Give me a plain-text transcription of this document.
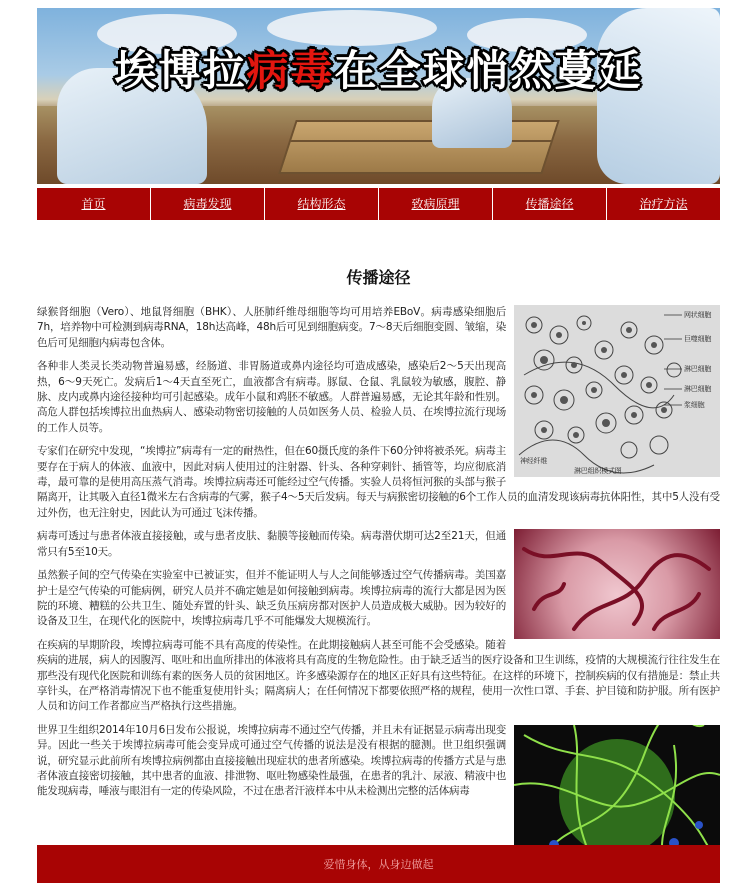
埃博拉病毒在全球悄然蔓延
首页	病毒发现	结构形态	致病原理	传播途径	治疗方法
传播途径
网状细胞
巨噬细胞
淋巴细胞
淋巴细胞
浆细胞
神经纤维
淋巴组织模式图

绿猴肾细胞（Vero）、地鼠肾细胞（BHK）、人胚肺纤维母细胞等均可用培养EBoV。病毒感染细胞后7h，培养物中可检测到病毒RNA，18h达高峰，48h后可见到细胞病变。7～8天后细胞变圆、皱缩，染色后可见细胞内病毒包含体。

各种非人类灵长类动物普遍易感，经肠道、非胃肠道或鼻内途径均可造成感染，感染后2～5天出现高热，6～9天死亡。发病后1～4天直至死亡，血液都含有病毒。豚鼠、仓鼠、乳鼠较为敏感，腹腔、静脉、皮内或鼻内途径接种均可引起感染。成年小鼠和鸡胚不敏感。人群普遍易感，无论其年龄和性别。高危人群包括埃博拉出血热病人、感染动物密切接触的人员如医务人员、检验人员、在埃博拉流行现场的工作人员等。

专家们在研究中发现，“埃博拉”病毒有一定的耐热性，但在60摄氏度的条件下60分钟将被杀死。病毒主要存在于病人的体液、血液中，因此对病人使用过的注射器、针头、各种穿刺针、插管等，均应彻底消毒，最可靠的是使用高压蒸气消毒。埃博拉病毒还可能经过空气传播。实验人员将恒河猴的头部与猴子隔离开，让其吸入直径1微米左右含病毒的气雾，猴子4～5天后发病。每天与病猴密切接触的6个工作人员的血清发现该病毒抗体阳性，其中5人没有受过外伤，也无注射史，因此认为可通过飞沫传播。

病毒可透过与患者体液直接接触，或与患者皮肤、黏膜等接触而传染。病毒潜伏期可达2至21天，但通常只有5至10天。

虽然猴子间的空气传染在实验室中已被证实，但并不能证明人与人之间能够透过空气传播病毒。美国嘉护士是空气传染的可能病例，研究人员并不确定她是如何接触到病毒。埃博拉病毒的流行大都是因为医院的环境、糟糕的公共卫生、随处弃置的针头、缺乏负压病房都对医护人员造成极大威胁。因为较好的设备及卫生，在现代化的医院中，埃博拉病毒几乎不可能爆发大规模流行。

在疾病的早期阶段，埃博拉病毒可能不具有高度的传染性。在此期接触病人甚至可能不会受感染。随着疾病的进展，病人的因腹泻、呕吐和出血所排出的体液将具有高度的生物危险性。由于缺乏适当的医疗设备和卫生训练，疫情的大规模流行往往发生在那些没有现代化医院和训练有素的医务人员的贫困地区。许多感染源存在的地区正好具有这些特征。在这样的环境下，控制疾病的仅有措施是：禁止共享针头，在严格消毒情况下也不能重复使用针头；隔离病人；在任何情况下都要依照严格的规程，使用一次性口罩、手套、护目镜和防护服。所有医护人员和访问工作者都应当严格执行这些措施。

世界卫生组织2014年10月6日发布公报说，埃博拉病毒不通过空气传播，并且未有证据显示病毒出现变异。因此一些关于埃博拉病毒可能会变异成可通过空气传播的说法是没有根据的臆测。世卫组织强调说，研究显示此前所有埃博拉病例都由直接接触出现症状的患者所感染。埃博拉病毒的传播方式是与患者体液直接密切接触，其中患者的血液、排泄物、呕吐物感染性最强，在患者的乳汁、尿液、精液中也能发现病毒，唾液与眼泪有一定的传染风险，不过在患者汗液样本中从未检测出完整的活体病毒

爱惜身体，从身边做起
